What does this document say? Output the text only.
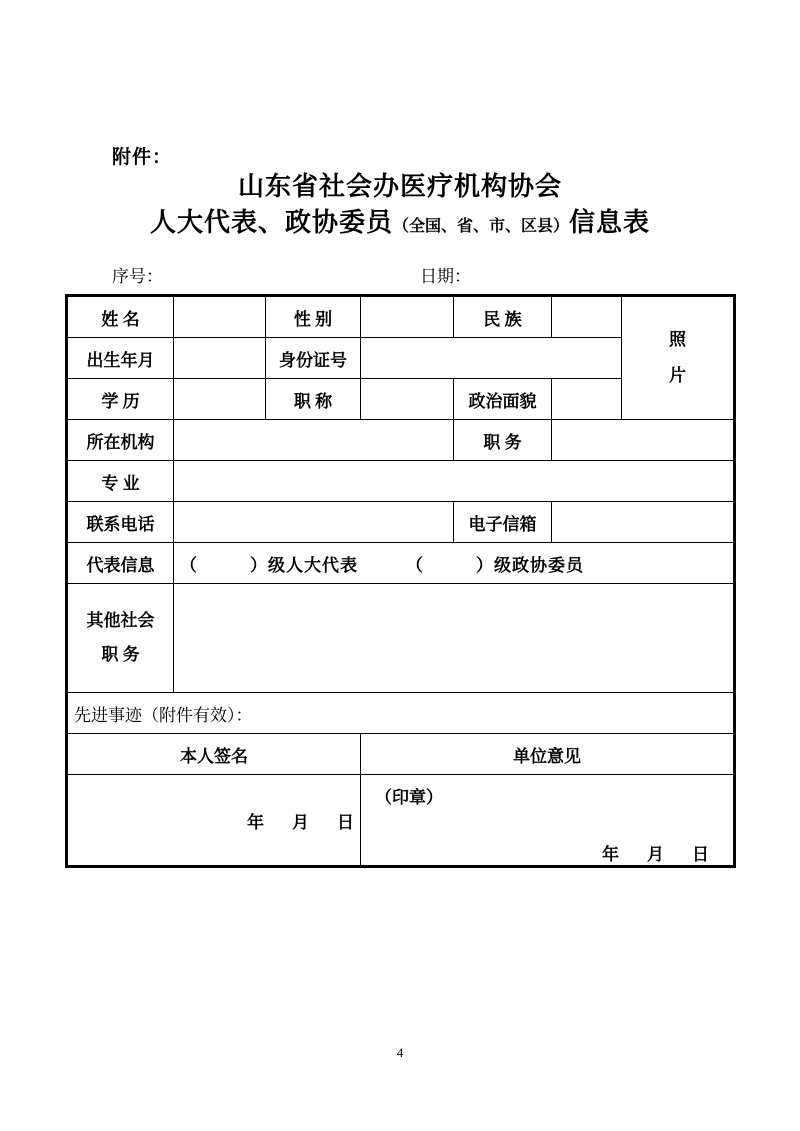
附件：
山东省社会办医疗机构协会
人大代表、政协委员（全国、省、市、区县）信息表
序号：	日期：
姓 名		性 别		民 族		照
片

出生年月		身份证号				
学 历		职 称		政治面貌		
所在机构				职 务		
专 业						
联系电话				电子信箱		
代表信息	（ ）级人大代表 （ ）级政协委员					

其他社会
职 务						

先进事迹（附件有效）：						
本人签名			单位意见			
年 月 日			（印章）
年 月 日			
4
